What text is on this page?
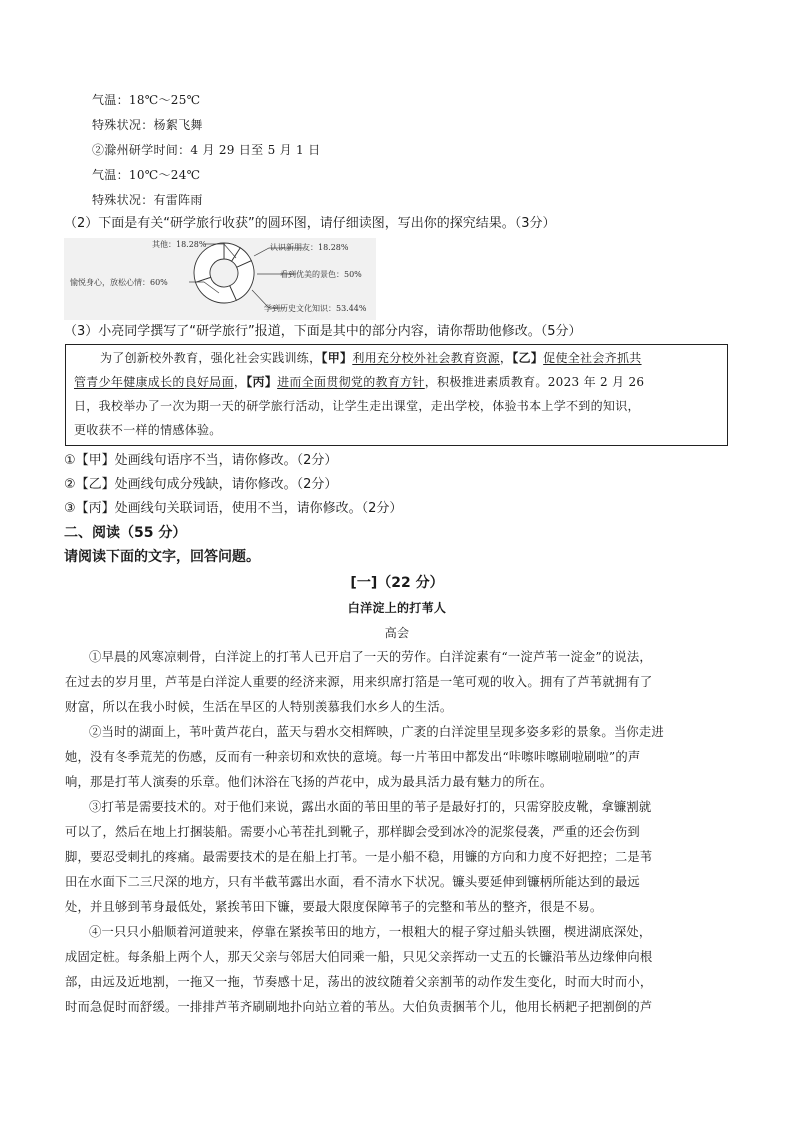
气温：18℃～25℃
特殊状况：杨絮飞舞
②滁州研学时间：4 月 29 日至 5 月 1 日
气温：10℃～24℃
特殊状况：有雷阵雨
（2）下面是有关“研学旅行收获”的圆环图，请仔细读图，写出你的探究结果。（3分）
其他：18.28%	认识新朋友：18.28%
看到优美的景色：50%
学到历史文化知识：53.44%
愉悦身心，放松心情：60%
（3）小亮同学撰写了“研学旅行”报道，下面是其中的部分内容，请你帮助他修改。（5分）
为了创新校外教育，强化社会实践训练，【甲】利用充分校外社会教育资源，【乙】促使全社会齐抓共
管青少年健康成长的良好局面，【丙】进而全面贯彻党的教育方针，积极推进素质教育。2023 年 2 月 26
日，我校举办了一次为期一天的研学旅行活动，让学生走出课堂，走出学校，体验书本上学不到的知识，
更收获不一样的情感体验。
①【甲】处画线句语序不当，请你修改。（2分）
②【乙】处画线句成分残缺，请你修改。（2分）
③【丙】处画线句关联词语，使用不当，请你修改。（2分）
二、阅读（55 分）
请阅读下面的文字，回答问题。
[一]（22 分）
白洋淀上的打苇人
高会
①早晨的风寒凉刺骨，白洋淀上的打苇人已开启了一天的劳作。白洋淀素有“一淀芦苇一淀金”的说法，
在过去的岁月里，芦苇是白洋淀人重要的经济来源，用来织席打箔是一笔可观的收入。拥有了芦苇就拥有了
财富，所以在我小时候，生活在旱区的人特别羡慕我们水乡人的生活。
②当时的湖面上，苇叶黄芦花白，蓝天与碧水交相辉映，广袤的白洋淀里呈现多姿多彩的景象。当你走进
她，没有冬季荒芜的伤感，反而有一种亲切和欢快的意境。每一片苇田中都发出“咔嚓咔嚓刷啦刷啦”的声
响，那是打苇人演奏的乐章。他们沐浴在飞扬的芦花中，成为最具活力最有魅力的所在。
③打苇是需要技术的。对于他们来说，露出水面的苇田里的苇子是最好打的，只需穿胶皮靴，拿镰割就
可以了，然后在地上打捆装船。需要小心苇茬扎到靴子，那样脚会受到冰冷的泥浆侵袭，严重的还会伤到
脚，要忍受刺扎的疼痛。最需要技术的是在船上打苇。一是小船不稳，用镰的方向和力度不好把控；二是苇
田在水面下二三尺深的地方，只有半截苇露出水面，看不清水下状况。镰头要延伸到镰柄所能达到的最远
处，并且够到苇身最低处，紧挨苇田下镰，要最大限度保障苇子的完整和苇丛的整齐，很是不易。
④一只只小船顺着河道驶来，停靠在紧挨苇田的地方，一根粗大的棍子穿过船头铁圈，楔进湖底深处，
成固定桩。每条船上两个人，那天父亲与邻居大伯同乘一船，只见父亲挥动一丈五的长镰沿苇丛边缘伸向根
部，由远及近地割，一拖又一拖，节奏感十足，荡出的波纹随着父亲割苇的动作发生变化，时而大时而小，
时而急促时而舒缓。一排排芦苇齐刷刷地扑向站立着的苇丛。大伯负责捆苇个儿，他用长柄耙子把割倒的芦
